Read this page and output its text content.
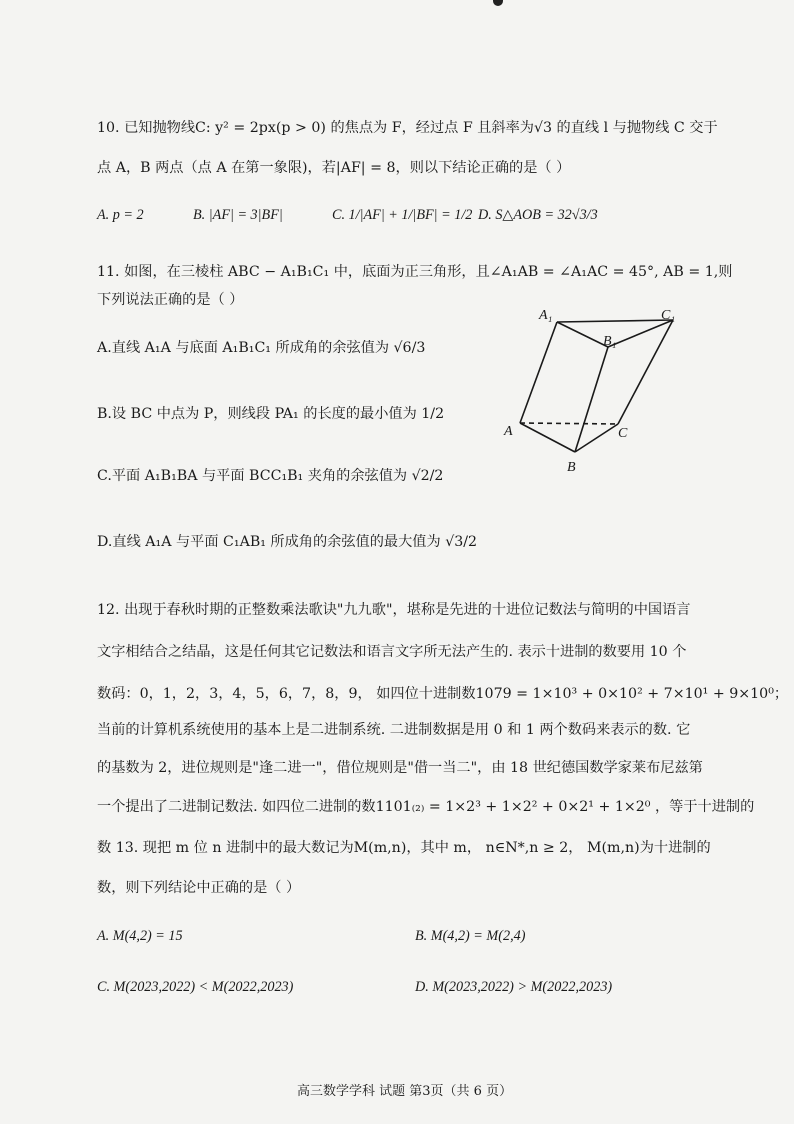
10. 已知抛物线C: y² = 2px(p > 0) 的焦点为 F，经过点 F 且斜率为√3 的直线 l 与抛物线 C 交于
点 A，B 两点（点 A 在第一象限)，若|AF| = 8，则以下结论正确的是（ ）
A. p = 2	B. |AF| = 3|BF|	C. 1/|AF| + 1/|BF| = 1/2 D. S△AOB = 32√3/3
11. 如图，在三棱柱 ABC − A₁B₁C₁ 中，底面为正三角形，且∠A₁AB = ∠A₁AC = 45°, AB = 1,则
下列说法正确的是（ ）
A.直线 A₁A 与底面 A₁B₁C₁ 所成角的余弦值为 √6/3
B.设 BC 中点为 P，则线段 PA₁ 的长度的最小值为 1/2
C.平面 A₁B₁BA 与平面 BCC₁B₁ 夹角的余弦值为 √2/2
D.直线 A₁A 与平面 C₁AB₁ 所成角的余弦值的最大值为 √3/2
A₁
B₁
C₁
A
B
C
12. 出现于春秋时期的正整数乘法歌诀"九九歌"，堪称是先进的十进位记数法与简明的中国语言
文字相结合之结晶，这是任何其它记数法和语言文字所无法产生的. 表示十进制的数要用 10 个
数码：0，1，2，3，4，5，6，7，8，9， 如四位十进制数1079 = 1×10³ + 0×10² + 7×10¹ + 9×10⁰；
当前的计算机系统使用的基本上是二进制系统. 二进制数据是用 0 和 1 两个数码来表示的数. 它
的基数为 2，进位规则是"逢二进一"，借位规则是"借一当二"，由 18 世纪德国数学家莱布尼兹第
一个提出了二进制记数法. 如四位二进制的数1101₍₂₎ = 1×2³ + 1×2² + 0×2¹ + 1×2⁰ ，等于十进制的
数 13. 现把 m 位 n 进制中的最大数记为M(m,n)，其中 m， n∈N*,n ≥ 2， M(m,n)为十进制的
数，则下列结论中正确的是（ ）
A. M(4,2) = 15	B. M(4,2) = M(2,4)
C. M(2023,2022) < M(2022,2023)	D. M(2023,2022) > M(2022,2023)
高三数学学科 试题 第3页（共 6 页）
